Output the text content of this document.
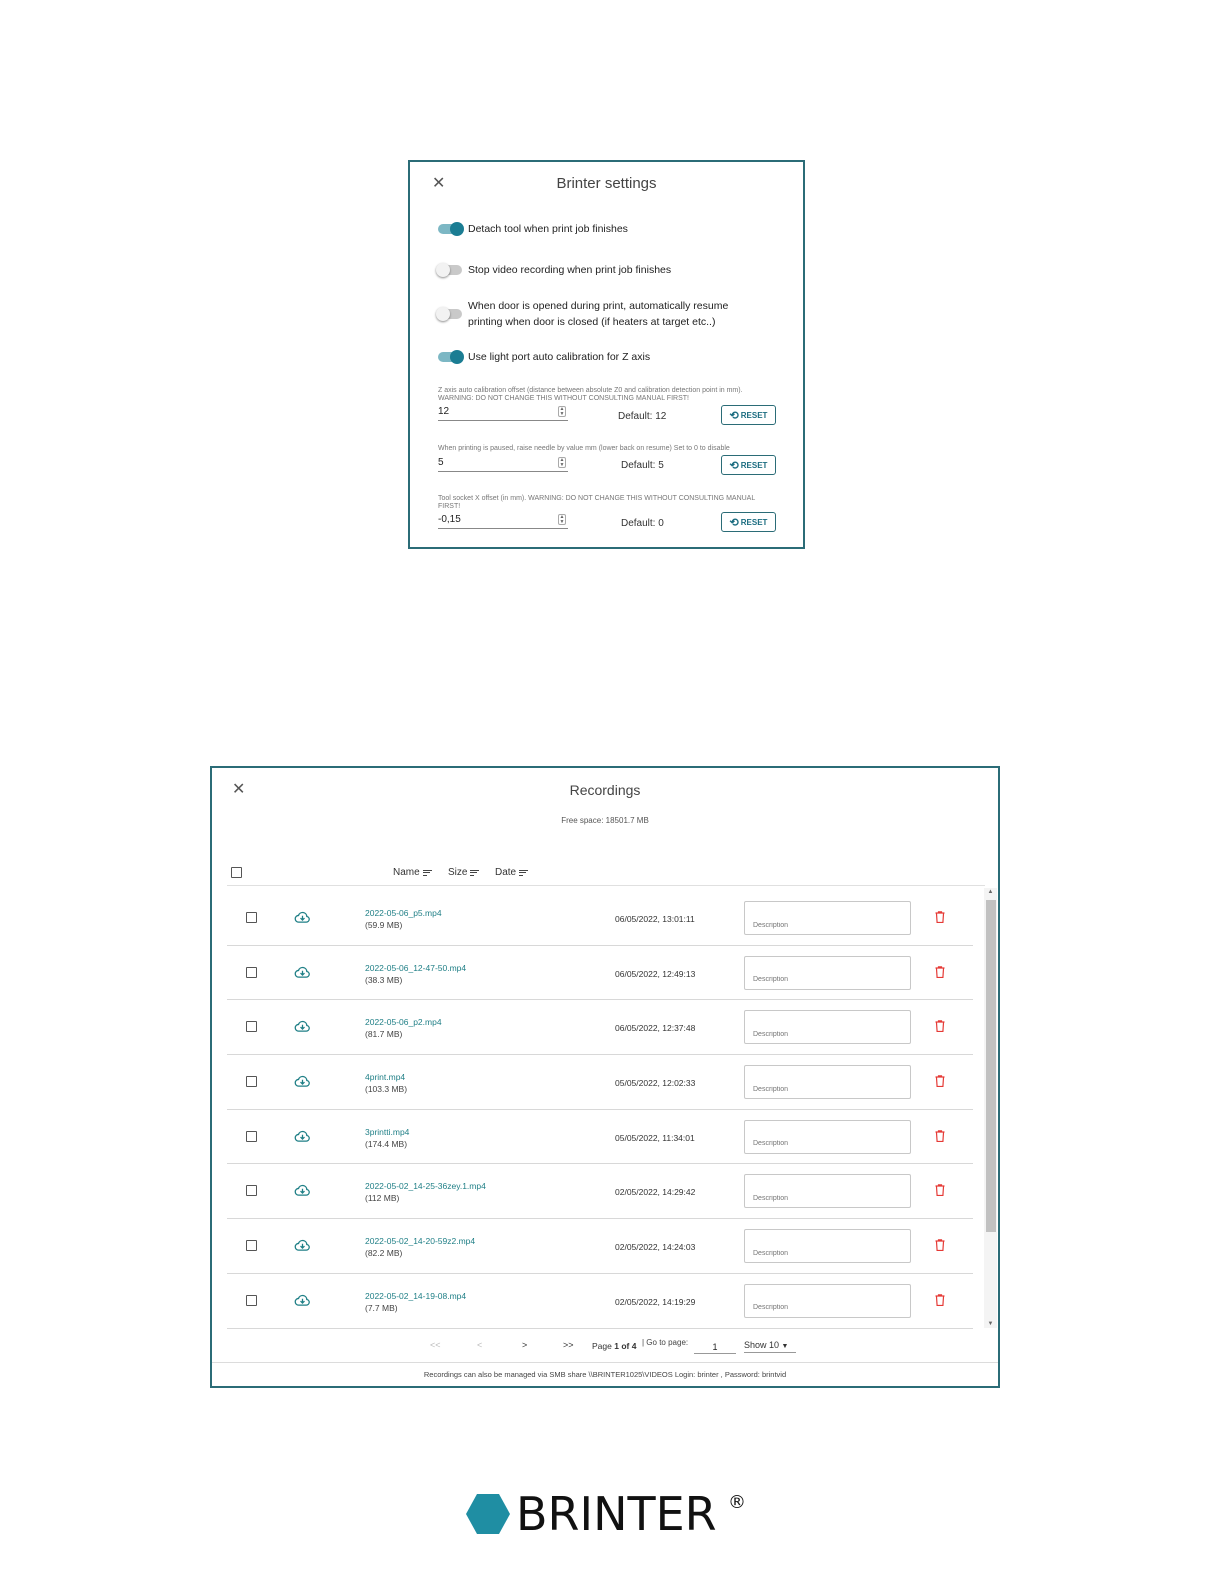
✕	Brinter settings
Detach tool when print job finishes
Stop video recording when print job finishes
When door is opened during print, automatically resume
printing when door is closed (if heaters at target etc..)
Use light port auto calibration for Z axis
Z axis auto calibration offset (distance between absolute Z0 and calibration detection point in mm). WARNING: DO NOT CHANGE THIS WITHOUT CONSULTING MANUAL FIRST!
12	▲
▼	Default: 12	⟲ RESET
When printing is paused, raise needle by value mm (lower back on resume) Set to 0 to disable
5	▲
▼	Default: 5	⟲ RESET
Tool socket X offset (in mm). WARNING: DO NOT CHANGE THIS WITHOUT CONSULTING MANUAL FIRST!
-0,15	▲
▼	Default: 0	⟲ RESET
✕	Recordings
Free space: 18501.7 MB
Name	Size	Date
2022-05-06_p5.mp4
(59.9 MB)
06/05/2022, 13:01:11
Description
2022-05-06_12-47-50.mp4
(38.3 MB)
06/05/2022, 12:49:13
Description
2022-05-06_p2.mp4
(81.7 MB)
06/05/2022, 12:37:48
Description
4print.mp4
(103.3 MB)
05/05/2022, 12:02:33
Description
3printti.mp4
(174.4 MB)
05/05/2022, 11:34:01
Description
2022-05-02_14-25-36zey.1.mp4
(112 MB)
02/05/2022, 14:29:42
Description
2022-05-02_14-20-59z2.mp4
(82.2 MB)
02/05/2022, 14:24:03
Description
2022-05-02_14-19-08.mp4
(7.7 MB)
02/05/2022, 14:19:29
Description
▲
▼
<<	<	>	>> Page 1 of 4 | Go to page:
1	Show 10 ▼
Recordings can also be managed via SMB share \\BRINTER1025\VIDEOS Login: brinter , Password: brintvid
BRINTER ®
